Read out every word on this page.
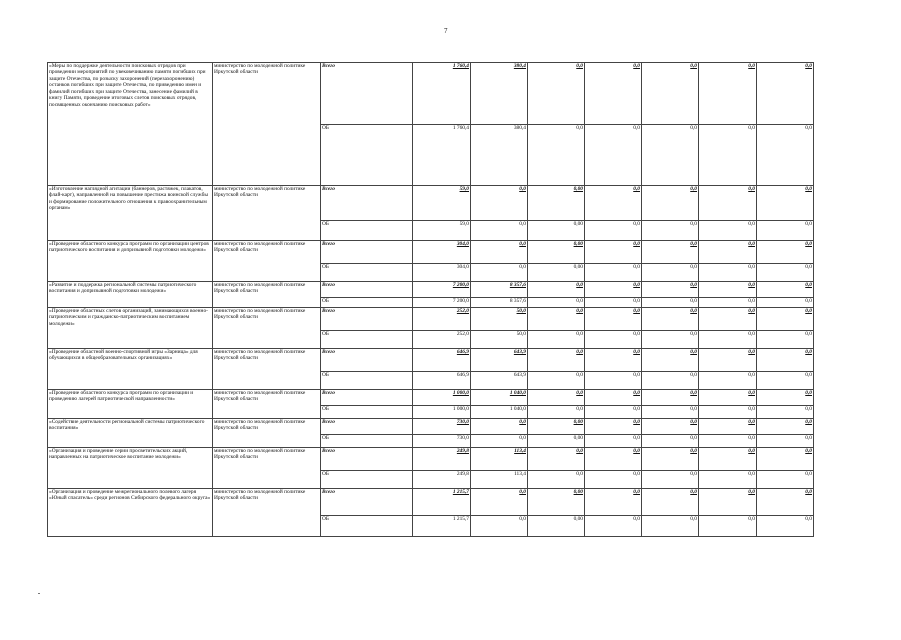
7
«Меры по поддержке деятельности поисковых отрядов при проведении мероприятий по увековечиванию памяти погибших при защите Отечества, по розыску захоронений (перезахоронению) останков погибших при защите Отечества, по приведению имен и фамилий погибших при защите Отечества, занесение фамилий в книгу Памяти, проведение итоговых слетов поисковых отрядов, посвященных окончанию поисковых работ»	министерство по молодежной политике Иркутской области	Всего	1 760,4	380,4	0,0	0,0	0,0	0,0	0,0
		ОБ	1 760,4	380,4	0,0	0,0	0,0	0,0	0,0
«Изготовление наглядной агитации (баннеров, растяжек, плакатов, флай-карт), направленной на повышение престижа воинской службы и формирование положительного отношения к правоохранительным органам»	министерство по молодежной политике Иркутской области	Всего	59,0	0,0	0,00	0,0	0,0	0,0	0,0
		ОБ	59,0	0,0	0,00	0,0	0,0	0,0	0,0
«Проведение областного конкурса программ по организации центров патриотического воспитания и допризывной подготовки молодежи»	министерство по молодежной политике Иркутской области	Всего	304,0	0,0	0,00	0,0	0,0	0,0	0,0
		ОБ	304,0	0,0	0,00	0,0	0,0	0,0	0,0
«Развитие и поддержка региональной системы патриотического воспитания и допризывной подготовки молодежи»	министерство по молодежной политике Иркутской области	Всего	7 200,0	8 357,6	0,0	0,0	0,0	0,0	0,0
		ОБ	7 200,0	8 357,6	0,0	0,0	0,0	0,0	0,0
«Проведение областных слетов организаций, занимающихся военно-патриотическим и гражданско-патриотическим воспитанием молодежи»	министерство по молодежной политике Иркутской области	Всего	252,0	50,0	0,0	0,0	0,0	0,0	0,0
		ОБ	252,0	50,0	0,0	0,0	0,0	0,0	0,0
«Проведение областной военно-спортивной игры «Зарница» для обучающихся в общеобразовательных организациях»	министерство по молодежной политике Иркутской области	Всего	646,9	643,9	0,0	0,0	0,0	0,0	0,0
		ОБ	646,9	643,9	0,0	0,0	0,0	0,0	0,0
«Проведение областного конкурса программ по организации и проведению лагерей патриотической направленности»	министерство по молодежной политике Иркутской области	Всего	1 000,0	1 040,0	0,0	0,0	0,0	0,0	0,0
		ОБ	1 000,0	1 040,0	0,0	0,0	0,0	0,0	0,0
«Содействие деятельности региональной системы патриотического воспитания»	министерство по молодежной политике Иркутской области	Всего	730,0	0,0	0,00	0,0	0,0	0,0	0,0
		ОБ	730,0	0,0	0,00	0,0	0,0	0,0	0,0
«Организация и проведение серии просветительских акций, направленных на патриотическое воспитание молодежи»	министерство по молодежной политике Иркутской области	Всего	249,8	113,4	0,0	0,0	0,0	0,0	0,0
		ОБ	249,8	113,4	0,0	0,0	0,0	0,0	0,0
«Организация и проведение межрегионального полевого лагеря «Юный спасатель» среди регионов Сибирского федерального округа»	министерство по молодежной политике Иркутской области	Всего	1 215,7	0,0	0,00	0,0	0,0	0,0	0,0
		ОБ	1 215,7	0,0	0,00	0,0	0,0	0,0	0,0
